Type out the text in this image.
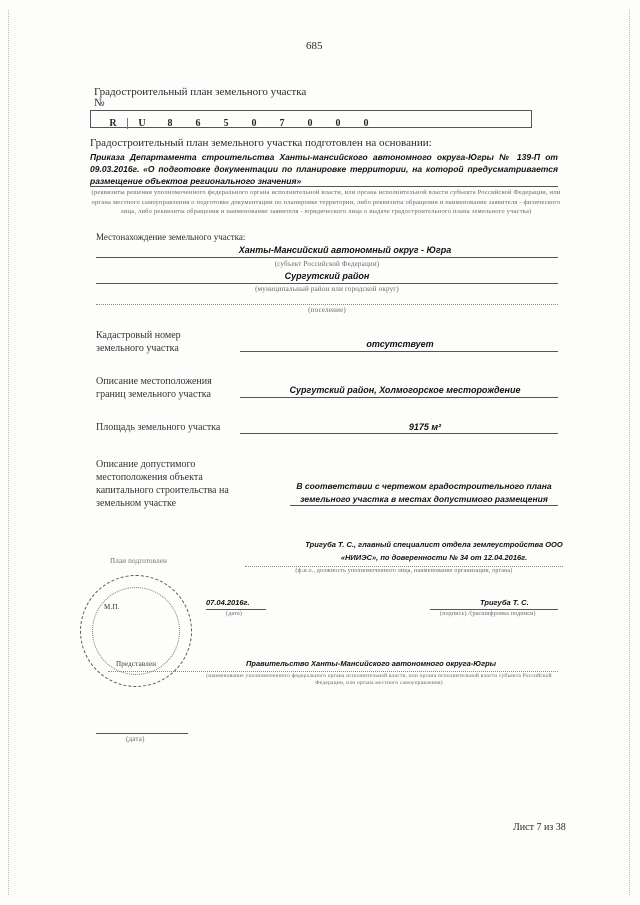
685
Градостроительный план земельного участка
№
R U 8 6 5 0 7 0 0 0
Градостроительный план земельного участка подготовлен на основании:
Приказа Департамента строительства Ханты-мансийского автономного округа-Югры № 139-П от 09.03.2016г. «О подготовке документации по планировке территории, на которой предусматривается размещение объектов регионального значения»
(реквизиты решения уполномоченного федерального органа исполнительной власти, или органа исполнительной власти субъекта Российской Федерации, или органа местного самоуправления о подготовке документации по планировке территории, либо реквизиты обращения и наименование заявителя - физического лица, либо реквизиты обращения и наименование заявителя - юридического лица о выдаче градостроительного плана земельного участка)
Местонахождение земельного участка:
Ханты-Мансийский автономный округ - Югра
(субъект Российской Федерации)
Сургутский район
(муниципальный район или городской округ)
(поселение)
Кадастровый номер земельного участка	отсутствует
Описание местоположения границ земельного участка	Сургутский район, Холмогорское месторождение
Площадь земельного участка	9175 м²
Описание допустимого местоположения объекта капитального строительства на земельном участке
В соответствии с чертежом градостроительного плана земельного участка в местах допустимого размещения
План подготовлен
Тригуба Т. С., главный специалист отдела землеустройства ООО «НИИЭС», по доверенности № 34 от 12.04.2016г.
(ф.и.о., должность уполномоченного лица, наименование организации, органа)
М.П.	07.04.2016г.
(дата)
Тригуба Т. С.
(подпись) /(расшифровка подписи)
Представлен	Правительство Ханты-Мансийского автономного округа-Югры
(наименование уполномоченного федерального органа исполнительной власти, или органа исполнительной власти субъекта Российской Федерации, или органа местного самоуправления)
(дата)
Лист 7 из 38
